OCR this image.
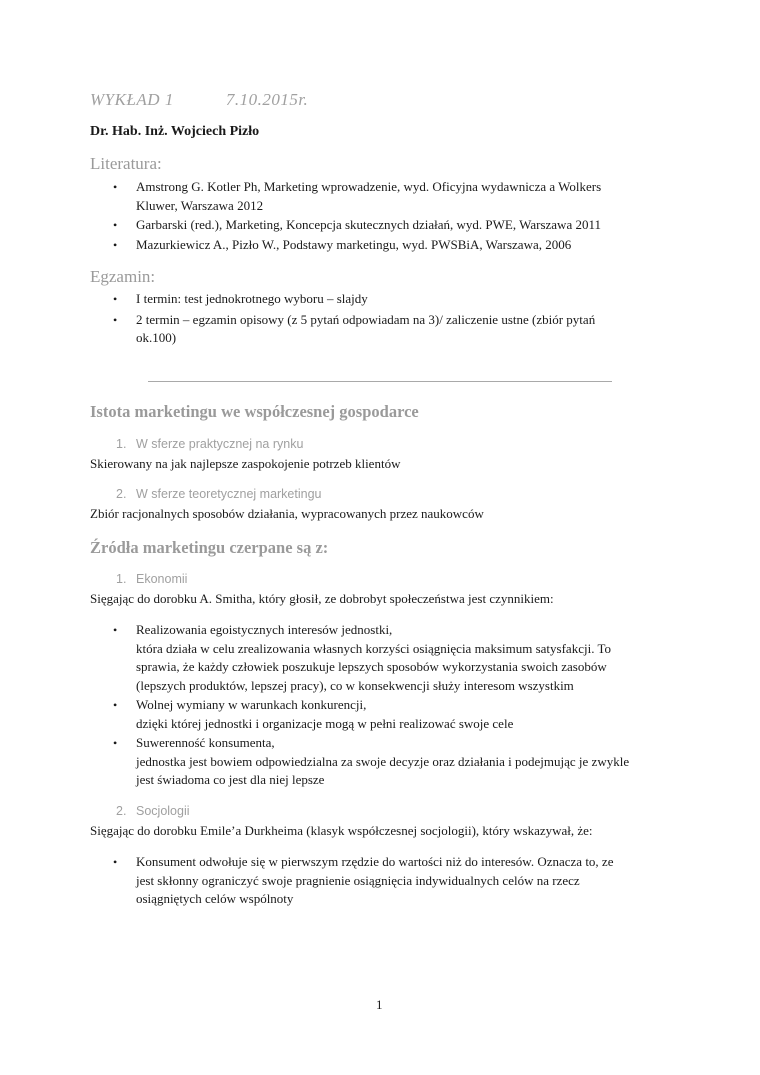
WYKŁAD 1	7.10.2015r.
Dr. Hab. Inż. Wojciech Pizło
Literatura:
• Amstrong G. Kotler Ph, Marketing wprowadzenie, wyd. Oficyjna wydawnicza a Wolkers
Kluwer, Warszawa 2012
• Garbarski (red.), Marketing, Koncepcja skutecznych działań, wyd. PWE, Warszawa 2011
• Mazurkiewicz A., Pizło W., Podstawy marketingu, wyd. PWSBiA, Warszawa, 2006
Egzamin:
• I termin: test jednokrotnego wyboru – slajdy
• 2 termin – egzamin opisowy (z 5 pytań odpowiadam na 3)/ zaliczenie ustne (zbiór pytań
ok.100)
Istota marketingu we współczesnej gospodarce
1. W sferze praktycznej na rynku
Skierowany na jak najlepsze zaspokojenie potrzeb klientów
2. W sferze teoretycznej marketingu
Zbiór racjonalnych sposobów działania, wypracowanych przez naukowców
Źródła marketingu czerpane są z:
1. Ekonomii
Sięgając do dorobku A. Smitha, który głosił, ze dobrobyt społeczeństwa jest czynnikiem:
• Realizowania egoistycznych interesów jednostki,
która działa w celu zrealizowania własnych korzyści osiągnięcia maksimum satysfakcji. To
sprawia, że każdy człowiek poszukuje lepszych sposobów wykorzystania swoich zasobów
(lepszych produktów, lepszej pracy), co w konsekwencji służy interesom wszystkim
• Wolnej wymiany w warunkach konkurencji,
dzięki której jednostki i organizacje mogą w pełni realizować swoje cele
• Suwerenność konsumenta,
jednostka jest bowiem odpowiedzialna za swoje decyzje oraz działania i podejmując je zwykle
jest świadoma co jest dla niej lepsze
2. Socjologii
Sięgając do dorobku Emile’a Durkheima (klasyk współczesnej socjologii), który wskazywał, że:
• Konsument odwołuje się w pierwszym rzędzie do wartości niż do interesów. Oznacza to, ze
jest skłonny ograniczyć swoje pragnienie osiągnięcia indywidualnych celów na rzecz
osiągniętych celów wspólnoty
1
